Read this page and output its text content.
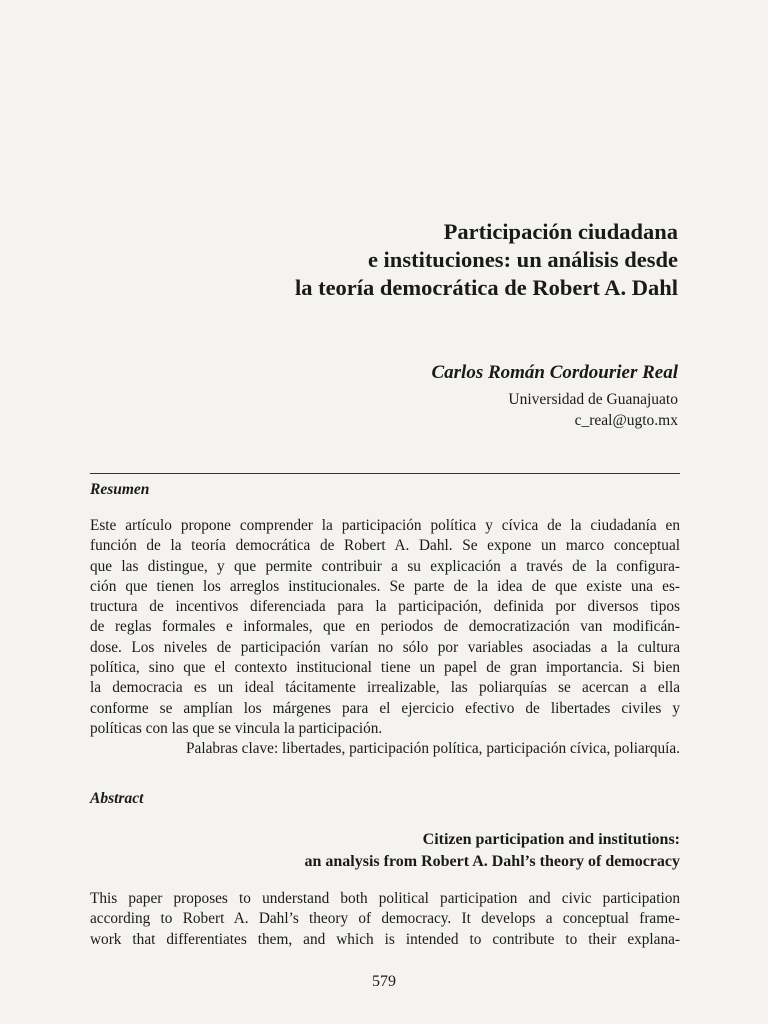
Participación ciudadana
e instituciones: un análisis desde
la teoría democrática de Robert A. Dahl
Carlos Román Cordourier Real
Universidad de Guanajuato
c_real@ugto.mx
Resumen
Este artículo propone comprender la participación política y cívica de la ciudadanía en
función de la teoría democrática de Robert A. Dahl. Se expone un marco conceptual
que las distingue, y que permite contribuir a su explicación a través de la configura-
ción que tienen los arreglos institucionales. Se parte de la idea de que existe una es-
tructura de incentivos diferenciada para la participación, definida por diversos tipos
de reglas formales e informales, que en periodos de democratización van modificán-
dose. Los niveles de participación varían no sólo por variables asociadas a la cultura
política, sino que el contexto institucional tiene un papel de gran importancia. Si bien
la democracia es un ideal tácitamente irrealizable, las poliarquías se acercan a ella
conforme se amplían los márgenes para el ejercicio efectivo de libertades civiles y
políticas con las que se vincula la participación.
Palabras clave: libertades, participación política, participación cívica, poliarquía.
Abstract
Citizen participation and institutions:
an analysis from Robert A. Dahl’s theory of democracy
This paper proposes to understand both political participation and civic participation
according to Robert A. Dahl’s theory of democracy. It develops a conceptual frame-
work that differentiates them, and which is intended to contribute to their explana-
579
